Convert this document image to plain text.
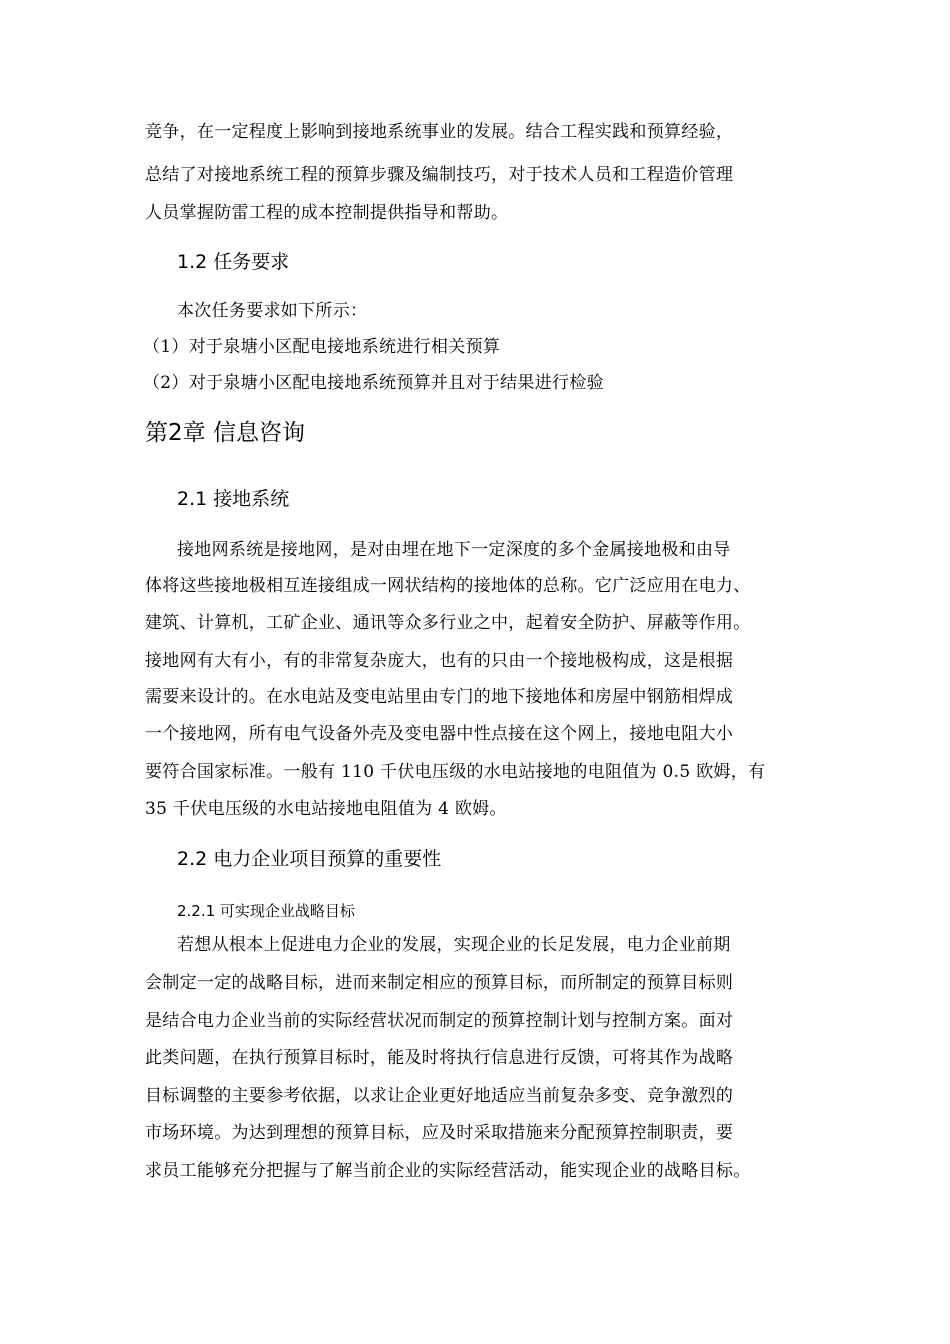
竞争，在一定程度上影响到接地系统事业的发展。结合工程实践和预算经验，
总结了对接地系统工程的预算步骤及编制技巧，对于技术人员和工程造价管理
人员掌握防雷工程的成本控制提供指导和帮助。
1.2 任务要求
本次任务要求如下所示：
（1）对于泉塘小区配电接地系统进行相关预算
（2）对于泉塘小区配电接地系统预算并且对于结果进行检验
第2章 信息咨询
2.1 接地系统
接地网系统是接地网，是对由埋在地下一定深度的多个金属接地极和由导
体将这些接地极相互连接组成一网状结构的接地体的总称。它广泛应用在电力、
建筑、计算机，工矿企业、通讯等众多行业之中，起着安全防护、屏蔽等作用。
接地网有大有小，有的非常复杂庞大，也有的只由一个接地极构成，这是根据
需要来设计的。在水电站及变电站里由专门的地下接地体和房屋中钢筋相焊成
一个接地网，所有电气设备外壳及变电器中性点接在这个网上，接地电阻大小
要符合国家标准。一般有 110 千伏电压级的水电站接地的电阻值为 0.5 欧姆，有
35 千伏电压级的水电站接地电阻值为 4 欧姆。
2.2 电力企业项目预算的重要性
2.2.1 可实现企业战略目标
若想从根本上促进电力企业的发展，实现企业的长足发展，电力企业前期
会制定一定的战略目标，进而来制定相应的预算目标，而所制定的预算目标则
是结合电力企业当前的实际经营状况而制定的预算控制计划与控制方案。面对
此类问题，在执行预算目标时，能及时将执行信息进行反馈，可将其作为战略
目标调整的主要参考依据，以求让企业更好地适应当前复杂多变、竞争激烈的
市场环境。为达到理想的预算目标，应及时采取措施来分配预算控制职责，要
求员工能够充分把握与了解当前企业的实际经营活动，能实现企业的战略目标。
